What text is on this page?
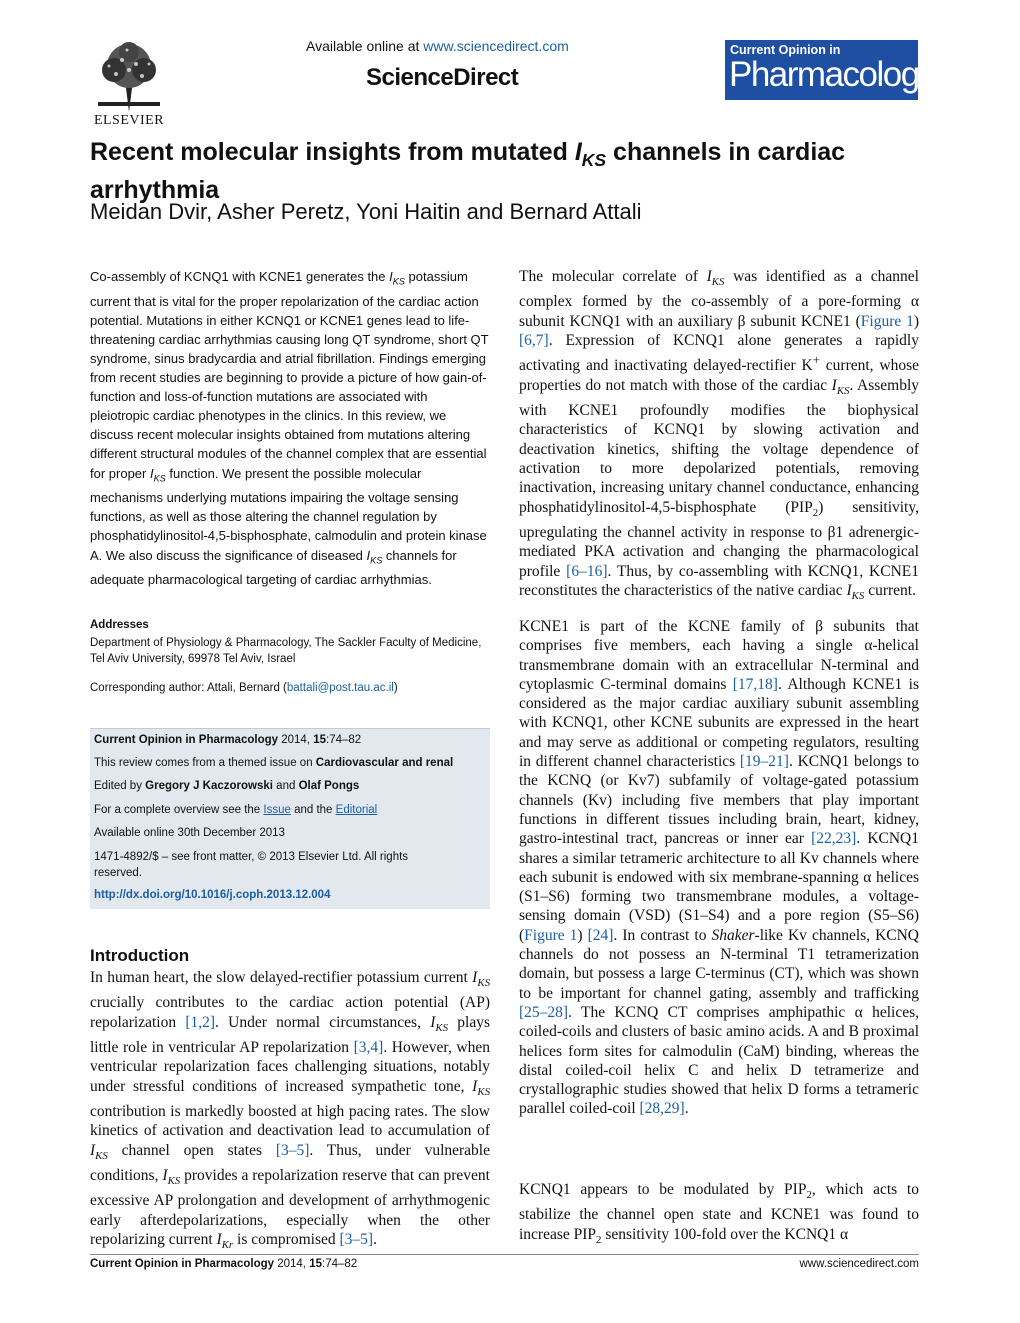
ELSEVIER
Available online at www.sciencedirect.com
ScienceDirect
Current Opinion in
Pharmacology
Recent molecular insights from mutated $I_{KS}$ channels in cardiac arrhythmia
Meidan Dvir, Asher Peretz, Yoni Haitin and Bernard Attali

Co-assembly of KCNQ1 with KCNE1 generates the $I_{KS}$ potassium current that is vital for the proper repolarization of the cardiac action potential. Mutations in either KCNQ1 or KCNE1 genes lead to life-threatening cardiac arrhythmias causing long QT syndrome, short QT syndrome, sinus bradycardia and atrial fibrillation. Findings emerging from recent studies are beginning to provide a picture of how gain-of-function and loss-of-function mutations are associated with pleiotropic cardiac phenotypes in the clinics. In this review, we discuss recent molecular insights obtained from mutations altering different structural modules of the channel complex that are essential for proper $I_{KS}$ function. We present the possible molecular mechanisms underlying mutations impairing the voltage sensing functions, as well as those altering the channel regulation by phosphatidylinositol-4,5-bisphosphate, calmodulin and protein kinase A. We also discuss the significance of diseased $I_{KS}$ channels for adequate pharmacological targeting of cardiac arrhythmias.

Addresses
Department of Physiology & Pharmacology, The Sackler Faculty of Medicine, Tel Aviv University, 69978 Tel Aviv, Israel
Corresponding author: Attali, Bernard (battali@post.tau.ac.il)
Current Opinion in Pharmacology 2014, 15:74–82
This review comes from a themed issue on Cardiovascular and renal
Edited by Gregory J Kaczorowski and Olaf Pongs
For a complete overview see the Issue and the Editorial
Available online 30th December 2013
1471-4892/$ – see front matter, © 2013 Elsevier Ltd. All rights
reserved.
http://dx.doi.org/10.1016/j.coph.2013.12.004
Introduction

In human heart, the slow delayed-rectifier potassium current $I_{KS}$ crucially contributes to the cardiac action potential (AP) repolarization [1,2]. Under normal circumstances, $I_{KS}$ plays little role in ventricular AP repolarization [3,4]. However, when ventricular repolarization faces challenging situations, notably under stressful conditions of increased sympathetic tone, $I_{KS}$ contribution is markedly boosted at high pacing rates. The slow kinetics of activation and deactivation lead to accumulation of $I_{KS}$ channel open states [3–5]. Thus, under vulnerable conditions, $I_{KS}$ provides a repolarization reserve that can prevent excessive AP prolongation and development of arrhythmogenic early afterdepolarizations, especially when the other repolarizing current $I_{Kr}$ is compromised [3–5].

The molecular correlate of $I_{KS}$ was identified as a channel complex formed by the co-assembly of a pore-forming α subunit KCNQ1 with an auxiliary β subunit KCNE1 (Figure 1) [6,7]. Expression of KCNQ1 alone generates a rapidly activating and inactivating delayed-rectifier K+ current, whose properties do not match with those of the cardiac $I_{KS}$. Assembly with KCNE1 profoundly modifies the biophysical characteristics of KCNQ1 by slowing activation and deactivation kinetics, shifting the voltage dependence of activation to more depolarized potentials, removing inactivation, increasing unitary channel conductance, enhancing phosphatidylinositol-4,5-bisphosphate $(PIP_2)$ sensitivity, upregulating the channel activity in response to β1 adrenergic-mediated PKA activation and changing the pharmacological profile [6–16]. Thus, by co-assembling with KCNQ1, KCNE1 reconstitutes the characteristics of the native cardiac $I_{KS}$ current.

KCNE1 is part of the KCNE family of β subunits that comprises five members, each having a single α-helical transmembrane domain with an extracellular N-terminal and cytoplasmic C-terminal domains [17,18]. Although KCNE1 is considered as the major cardiac auxiliary subunit assembling with KCNQ1, other KCNE subunits are expressed in the heart and may serve as additional or competing regulators, resulting in different channel characteristics [19–21]. KCNQ1 belongs to the KCNQ (or Kv7) subfamily of voltage-gated potassium channels (Kv) including five members that play important functions in different tissues including brain, heart, kidney, gastro-intestinal tract, pancreas or inner ear [22,23]. KCNQ1 shares a similar tetrameric architecture to all Kv channels where each subunit is endowed with six membrane-spanning α helices (S1–S6) forming two transmembrane modules, a voltage-sensing domain (VSD) (S1–S4) and a pore region (S5–S6) (Figure 1) [24]. In contrast to Shaker-like Kv channels, KCNQ channels do not possess an N-terminal T1 tetramerization domain, but possess a large C-terminus (CT), which was shown to be important for channel gating, assembly and trafficking [25–28]. The KCNQ CT comprises amphipathic α helices, coiled-coils and clusters of basic amino acids. A and B proximal helices form sites for calmodulin (CaM) binding, whereas the distal coiled-coil helix C and helix D tetramerize and crystallographic studies showed that helix D forms a tetrameric parallel coiled-coil [28,29].

KCNQ1 appears to be modulated by $PIP_2$, which acts to stabilize the channel open state and KCNE1 was found to increase $PIP_2$ sensitivity 100-fold over the KCNQ1 α

Current Opinion in Pharmacology 2014, 15:74–82	www.sciencedirect.com
